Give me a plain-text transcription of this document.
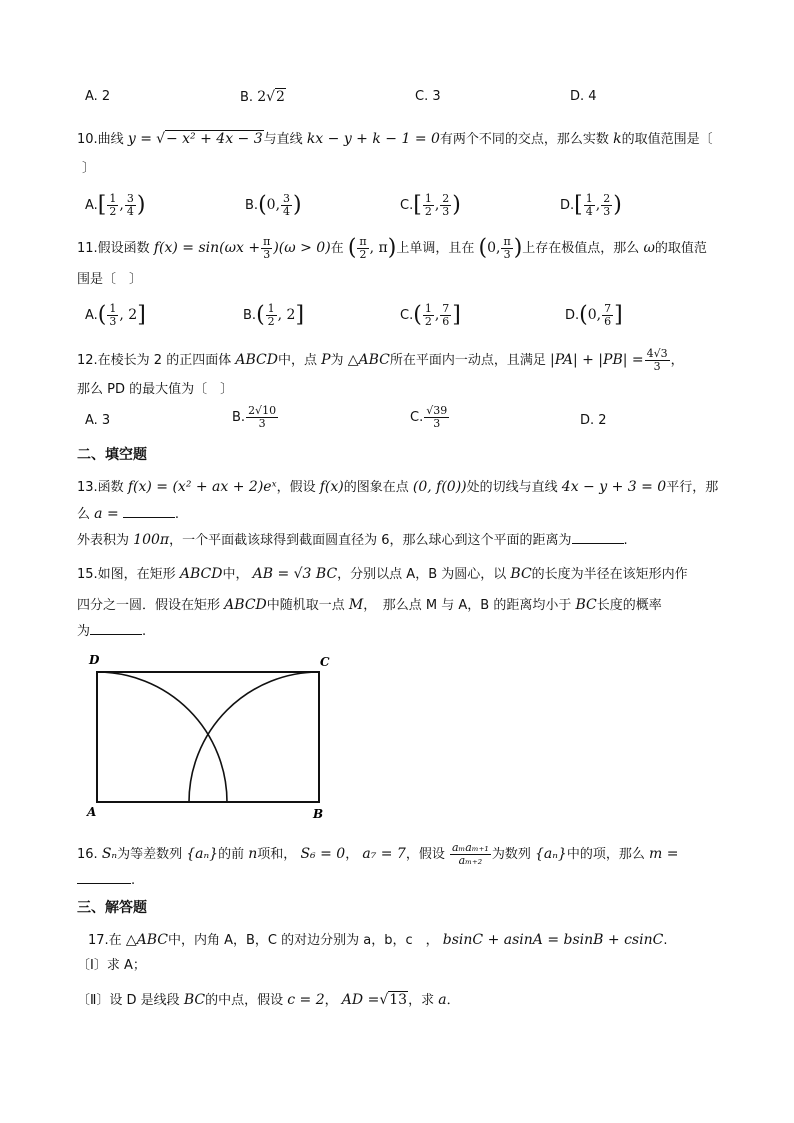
A. 2	B. 2√2	C. 3	D. 4
10.曲线 y = √− x² + 4x − 3与直线 kx − y + k − 1 = 0有两个不同的交点，那么实数 k的取值范围是〔
〕
$A.[ \frac{1}{2}$ , $\frac{3}{4}$ )	B.(0, $\frac{3}{4}$ )	$C.[ \frac{1}{2}$ , $\frac{2}{3}$ )	$D.[ \frac{1}{4}$ , $\frac{2}{3}$ )
11.假设函数 $f(x) = \sin(\omega x + \frac{\pi}{3} )(\omega > 0)$在 ( $\frac{\pi}{2}$ , π)上单调，且在 (0, $\frac{\pi}{3}$ )上存在极值点，那么 ω的取值范
围是〔　〕
$A.( \frac{1}{3}$ , 2]	$B.( \frac{1}{2}$ , 2]	$C.( \frac{1}{2}$ , $\frac{7}{6}$ ]	D.(0, $\frac{7}{6}$ ]
12.在棱长为 2 的正四面体 ABCD中，点 P为 △ABC所在平面内一动点，且满足 $|PA| + |PB| = \frac{4√3}{3}$ ，
那么 PD 的最大值为〔　〕
A. 3	B. $\frac{2√10}{3}$	C. $\frac{√39}{3}$	D. 2
二、填空题
13.函数 f(x) = (x² + ax + 2)eˣ，假设 f(x)的图象在点 (0, f(0))处的切线与直线 4x − y + 3 = 0平行，那
么 a =	.
外表积为 100π，一个平面截该球得到截面圆直径为 6，那么球心到这个平面的距离为	.
15.如图，在矩形 ABCD中， AB = √3 BC，分别以点 A，B 为圆心，以 BC的长度为半径在该矩形内作
四分之一圆．假设在矩形 ABCD中随机取一点 M，　那么点 M 与 A，B 的距离均小于 BC长度的概率
为	.
D	C
A	B
16. Sₙ为等差数列 {aₙ}的前 n项和， S₆ = 0， a₇ = 7，假设 $\frac{\text{aₘaₘ₊₁}}{\text{aₘ₊₂}}$ 为数列 {aₙ}中的项，那么 m =
.
三、解答题
17.在 △ABC中，内角 A，B，C 的对边分别为 a，b，c　， bsinC + asinA = bsinB + csinC.
〔Ⅰ〕求 A；
〔Ⅱ〕设 D 是线段 BC的中点，假设 c = 2， AD =√13，求 a．
